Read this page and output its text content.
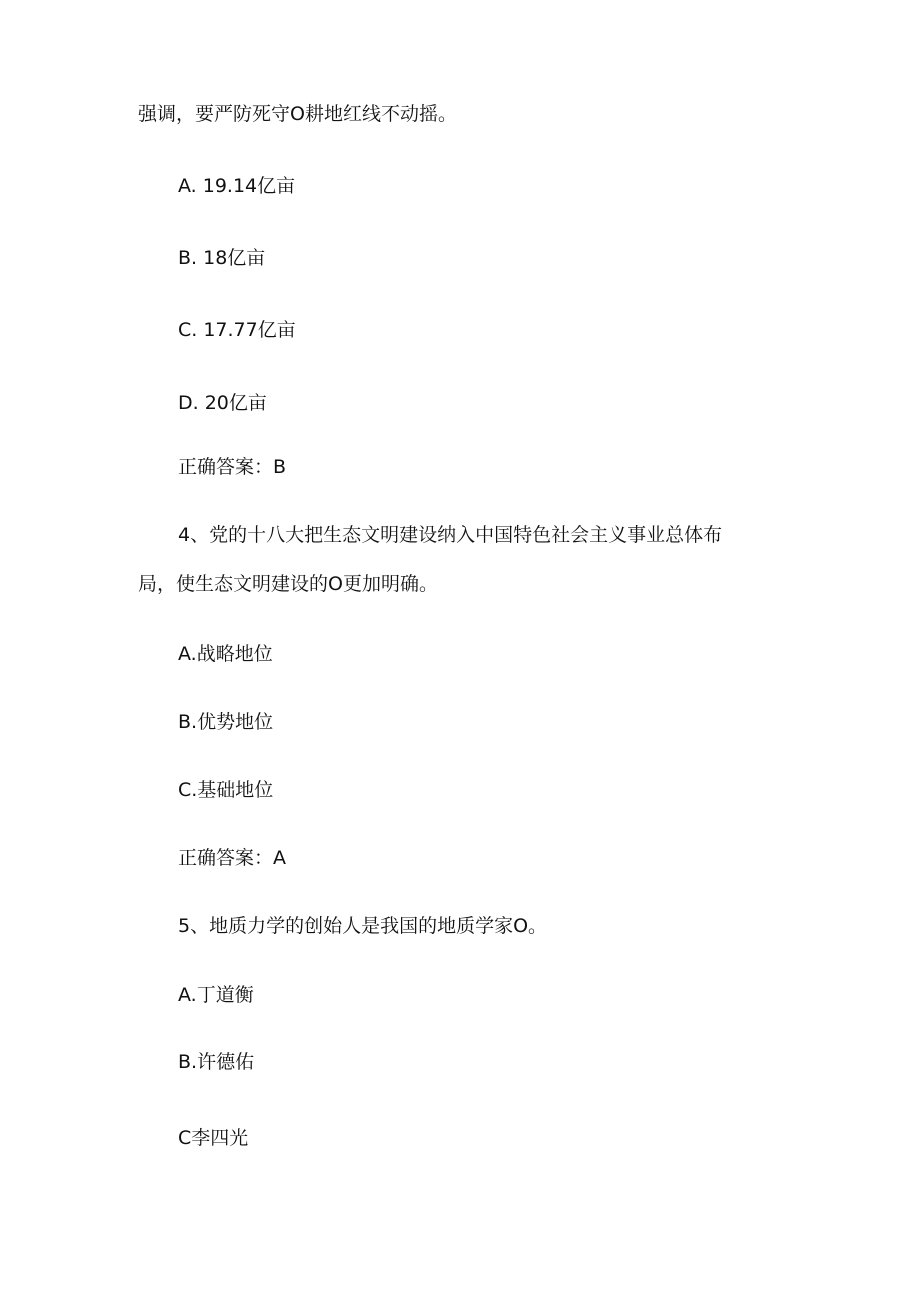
强调，要严防死守O耕地红线不动摇。
A. 19.14亿亩
B. 18亿亩
C. 17.77亿亩
D. 20亿亩
正确答案：B
4、党的十八大把生态文明建设纳入中国特色社会主义事业总体布
局，使生态文明建设的O更加明确。
A.战略地位
B.优势地位
C.基础地位
正确答案：A
5、地质力学的创始人是我国的地质学家O。
A.丁道衡
B.许德佑
C李四光
